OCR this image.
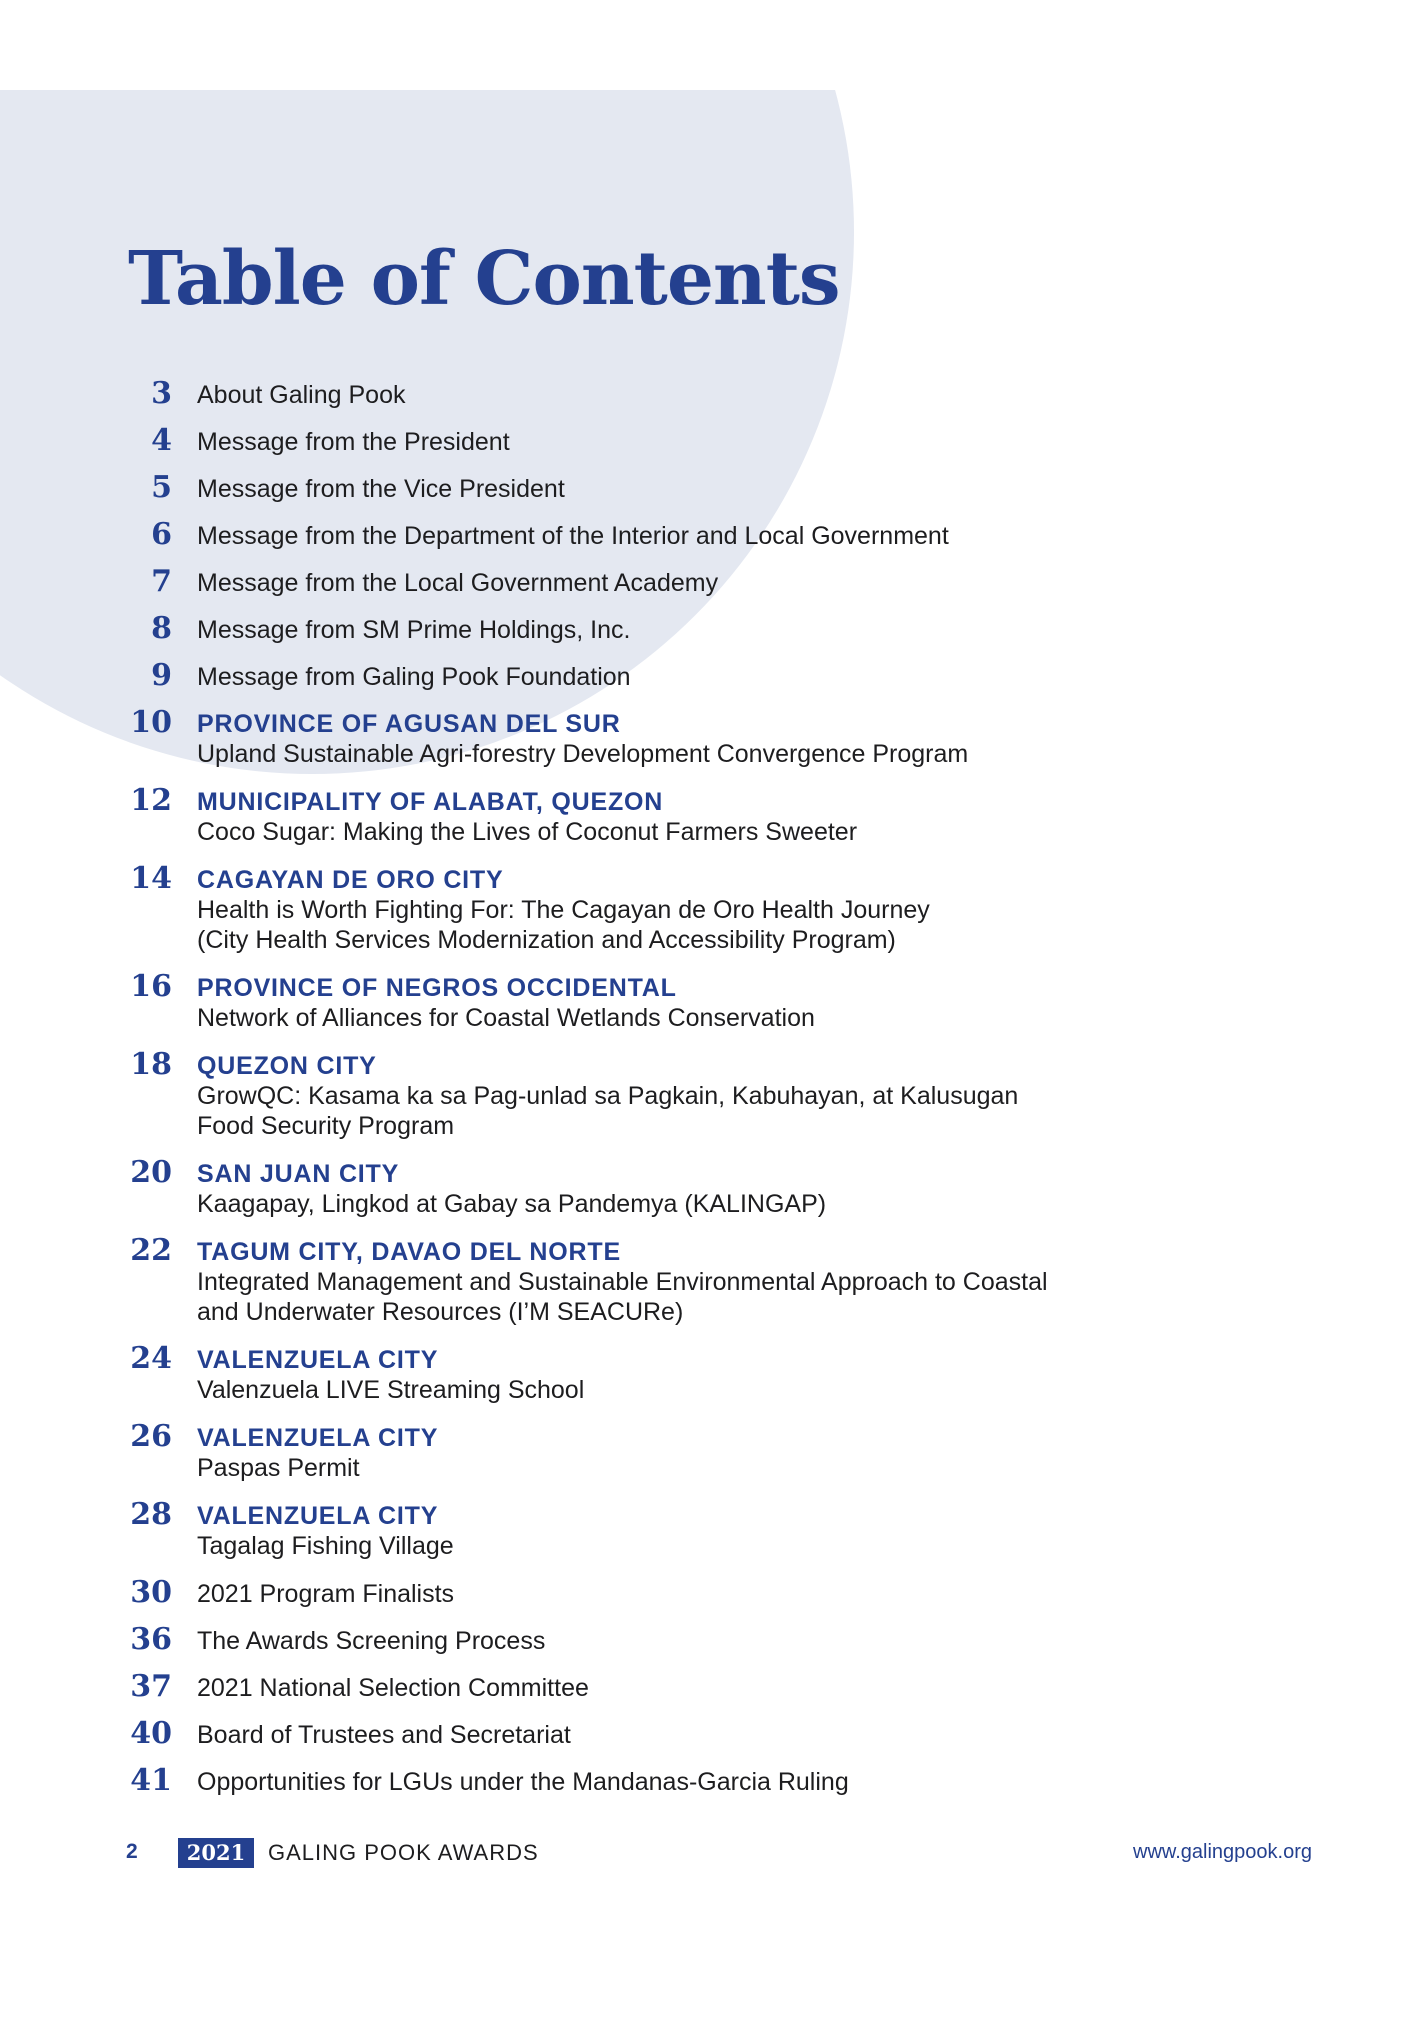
Table of Contents
3 About Galing Pook
4 Message from the President
5 Message from the Vice President
6 Message from the Department of the Interior and Local Government
7 Message from the Local Government Academy
8 Message from SM Prime Holdings, Inc.
9 Message from Galing Pook Foundation
10 PROVINCE OF AGUSAN DEL SUR
Upland Sustainable Agri-forestry Development Convergence Program
12 MUNICIPALITY OF ALABAT, QUEZON
Coco Sugar: Making the Lives of Coconut Farmers Sweeter
14 CAGAYAN DE ORO CITY
Health is Worth Fighting For: The Cagayan de Oro Health Journey
(City Health Services Modernization and Accessibility Program)
16 PROVINCE OF NEGROS OCCIDENTAL
Network of Alliances for Coastal Wetlands Conservation
18 QUEZON CITY
GrowQC: Kasama ka sa Pag-unlad sa Pagkain, Kabuhayan, at Kalusugan
Food Security Program
20 SAN JUAN CITY
Kaagapay, Lingkod at Gabay sa Pandemya (KALINGAP)
22 TAGUM CITY, DAVAO DEL NORTE
Integrated Management and Sustainable Environmental Approach to Coastal
and Underwater Resources (I’M SEACURe)
24 VALENZUELA CITY
Valenzuela LIVE Streaming School
26 VALENZUELA CITY
Paspas Permit
28 VALENZUELA CITY
Tagalag Fishing Village
30 2021 Program Finalists
36 The Awards Screening Process
37 2021 National Selection Committee
40 Board of Trustees and Secretariat
41 Opportunities for LGUs under the Mandanas-Garcia Ruling
2	2021	GALING POOK AWARDS	www.galingpook.org
